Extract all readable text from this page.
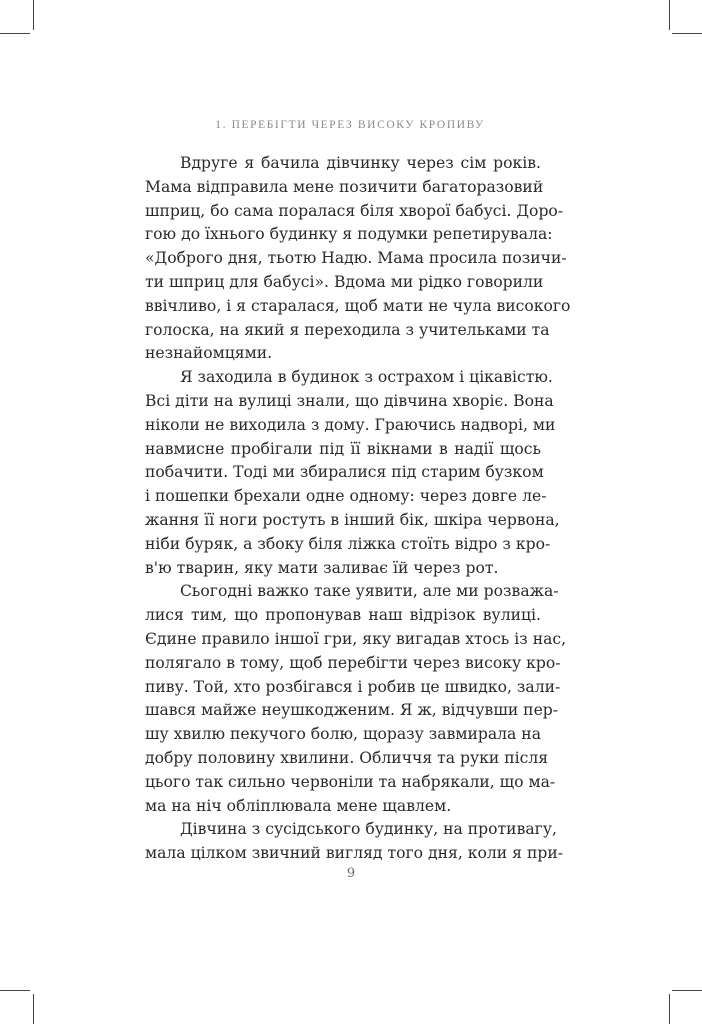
1. ПЕРЕБІГТИ ЧЕРЕЗ ВИСОКУ КРОПИВУ
Вдруге я бачила дівчинку через сім років.
Мама відправила мене позичити багаторазовий
шприц, бо сама поралася біля хворої бабусі. Доро-
гою до їхнього будинку я подумки репетирувала:
«Доброго дня, тьотю Надю. Мама просила позичи-
ти шприц для бабусі». Вдома ми рідко говорили
ввічливо, і я старалася, щоб мати не чула високого
голоска, на який я переходила з учительками та
незнайомцями.
Я заходила в будинок з острахом і цікавістю.
Всі діти на вулиці знали, що дівчина хворіє. Вона
ніколи не виходила з дому. Граючись надворі, ми
навмисне пробігали під її вікнами в надії щось
побачити. Тоді ми збиралися під старим бузком
і пошепки брехали одне одному: через довге ле-
жання її ноги ростуть в інший бік, шкіра червона,
ніби буряк, а збоку біля ліжка стоїть відро з кро-
в'ю тварин, яку мати заливає їй через рот.
Сьогодні важко таке уявити, але ми розважа-
лися тим, що пропонував наш відрізок вулиці.
Єдине правило іншої гри, яку вигадав хтось із нас,
полягало в тому, щоб перебігти через високу кро-
пиву. Той, хто розбігався і робив це швидко, зали-
шався майже неушкодженим. Я ж, відчувши пер-
шу хвилю пекучого болю, щоразу завмирала на
добру половину хвилини. Обличчя та руки після
цього так сильно червоніли та набрякали, що ма-
ма на ніч обліплювала мене щавлем.
Дівчина з сусідського будинку, на противагу,
мала цілком звичний вигляд того дня, коли я при-
9
